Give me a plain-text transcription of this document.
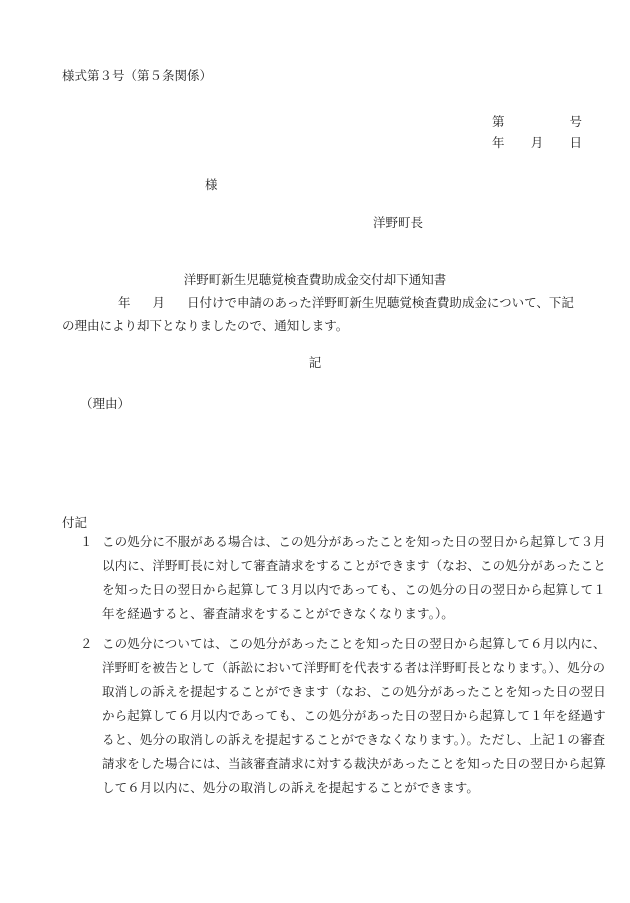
様式第３号（第５条関係）
第	号
年 月 日
様
洋野町長
洋野町新生児聴覚検査費助成金交付却下通知書
年 月 日付けで申請のあった洋野町新生児聴覚検査費助成金について、下記の理由により却下となりましたので、通知します。
記
（理由）
付記
１ この処分に不服がある場合は、この処分があったことを知った日の翌日から起算して３月以内に、洋野町長に対して審査請求をすることができます（なお、この処分があったことを知った日の翌日から起算して３月以内であっても、この処分の日の翌日から起算して１年を経過すると、審査請求をすることができなくなります。）。
２ この処分については、この処分があったことを知った日の翌日から起算して６月以内に、洋野町を被告として（訴訟において洋野町を代表する者は洋野町長となります。）、処分の取消しの訴えを提起することができます（なお、この処分があったことを知った日の翌日から起算して６月以内であっても、この処分があった日の翌日から起算して１年を経過すると、処分の取消しの訴えを提起することができなくなります。）。ただし、上記１の審査請求をした場合には、当該審査請求に対する裁決があったことを知った日の翌日から起算して６月以内に、処分の取消しの訴えを提起することができます。
